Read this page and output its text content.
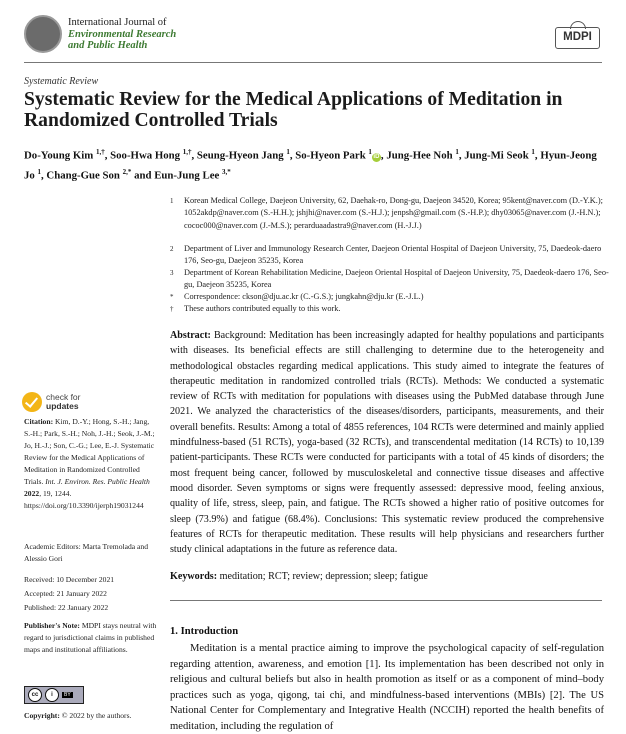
International Journal of
Environmental Research
and Public Health
MDPI
Systematic Review
Systematic Review for the Medical Applications of Meditation in Randomized Controlled Trials
Do-Young Kim $^{1,\dagger}$, Soo-Hwa Hong $^{1,\dagger}$, Seung-Hyeon Jang $^1$, So-Hyeon Park $^1$iD , Jung-Hee Noh $^1$, Jung-Mi Seok $^1$, Hyun-Jeong Jo $^1$, Chang-Gue Son $^{2,*}$ and Eun-Jung Lee $^{3,*}$
1 Korean Medical College, Daejeon University, 62, Daehak-ro, Dong-gu, Daejeon 34520, Korea; 95kent@naver.com (D.-Y.K.); 1052akdp@naver.com (S.-H.H.); jshjhi@naver.com (S.-H.J.); jenpsh@gmail.com (S.-H.P.); dhy03065@naver.com (J.-H.N.); cococ000@naver.com (J.-M.S.); perarduaadastra9@naver.com (H.-J.J.)
2 Department of Liver and Immunology Research Center, Daejeon Oriental Hospital of Daejeon University, 75, Daedeok-daero 176, Seo-gu, Daejeon 35235, Korea
3 Department of Korean Rehabilitation Medicine, Daejeon Oriental Hospital of Daejeon University, 75, Daedeok-daero 176, Seo-gu, Daejeon 35235, Korea
* Correspondence: ckson@dju.ac.kr (C.-G.S.); jungkahn@dju.kr (E.-J.L.)
† These authors contributed equally to this work.
Abstract: Background: Meditation has been increasingly adapted for healthy populations and participants with diseases. Its beneficial effects are still challenging to determine due to the heterogeneity and methodological obstacles regarding medical applications. This study aimed to integrate the features of therapeutic meditation in randomized controlled trials (RCTs). Methods: We conducted a systematic review of RCTs with meditation for populations with diseases using the PubMed database through June 2021. We analyzed the characteristics of the diseases/disorders, participants, measurements, and their overall benefits. Results: Among a total of 4855 references, 104 RCTs were determined and mainly applied mindfulness-based (51 RCTs), yoga-based (32 RCTs), and transcendental meditation (14 RCTs) to 10,139 patient-participants. These RCTs were conducted for participants with a total of 45 kinds of disorders; the most frequent being cancer, followed by musculoskeletal and connective tissue diseases and affective mood disorder. Seven symptoms or signs were frequently assessed: depressive mood, feeling anxious, quality of life, stress, sleep, pain, and fatigue. The RCTs showed a higher ratio of positive outcomes for sleep (73.9%) and fatigue (68.4%). Conclusions: This systematic review produced the comprehensive features of RCTs for therapeutic meditation. These results will help physicians and researchers further study clinical adaptations in the future as reference data.
Keywords: meditation; RCT; review; depression; sleep; fatigue
1. Introduction
Meditation is a mental practice aiming to improve the psychological capacity of self-regulation regarding attention, awareness, and emotion [1]. Its implementation has been described not only in religious and cultural beliefs but also in health promotion as itself or as a component of mind–body practices such as yoga, qigong, tai chi, and mindfulness-based interventions (MBIs) [2]. The US National Center for Complementary and Integrative Health (NCCIH) reported the health benefits of meditation, including the regulation of
check for
updates
Citation: Kim, D.-Y.; Hong, S.-H.; Jang, S.-H.; Park, S.-H.; Noh, J.-H.; Seok, J.-M.; Jo, H.-J.; Son, C.-G.; Lee, E.-J. Systematic Review for the Medical Applications of Meditation in Randomized Controlled Trials. Int. J. Environ. Res. Public Health 2022, 19, 1244. https://doi.org/10.3390/ijerph19031244
Academic Editors: Marta Tremolada and Alessio Gori
Received: 10 December 2021
Accepted: 21 January 2022
Published: 22 January 2022
Publisher's Note: MDPI stays neutral with regard to jurisdictional claims in published maps and institutional affiliations.
cc	i	BY
Copyright: © 2022 by the authors.
